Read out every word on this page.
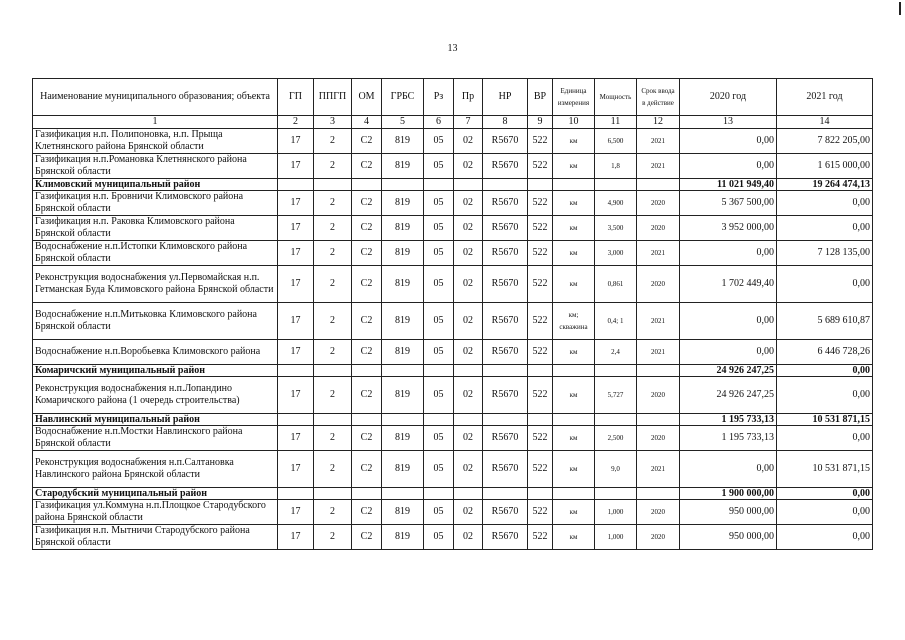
13
Наименование муниципального образования; объекта	ГП	ППГП	ОМ	ГРБС	Рз	Пр	НР	ВР	Единица измерения	Мощность	Срок ввода в действие	2020 год	2021 год
1	2	3	4	5	6	7	8	9	10	11	12	13	14
Газификация н.п. Полипоновка, н.п. Прыща Клетнянского района Брянской области	17	2	С2	819	05	02	R5670	522	км	6,500	2021	0,00	7 822 205,00
Газификация н.п.Романовка Клетнянского района Брянской области	17	2	С2	819	05	02	R5670	522	км	1,8	2021	0,00	1 615 000,00
Климовский муниципальный район												11 021 949,40	19 264 474,13
Газификация н.п. Бровничи Климовского района Брянской области	17	2	С2	819	05	02	R5670	522	км	4,900	2020	5 367 500,00	0,00
Газификация н.п. Раковка Климовского района Брянской области	17	2	С2	819	05	02	R5670	522	км	3,500	2020	3 952 000,00	0,00
Водоснабжение н.п.Истопки Климовского района Брянской области	17	2	С2	819	05	02	R5670	522	км	3,000	2021	0,00	7 128 135,00
Реконструкция водоснабжения ул.Первомайская н.п. Гетманская Буда Климовского района Брянской области	17	2	С2	819	05	02	R5670	522	км	0,861	2020	1 702 449,40	0,00
Водоснабжение н.п.Митьковка Климовского района Брянской области	17	2	С2	819	05	02	R5670	522	км; скважина	0,4; 1	2021	0,00	5 689 610,87
Водоснабжение н.п.Воробьевка Климовского района	17	2	С2	819	05	02	R5670	522	км	2,4	2021	0,00	6 446 728,26
Комаричский муниципальный район												24 926 247,25	0,00
Реконструкция водоснабжения н.п.Лопандино Комаричского района (1 очередь строительства)	17	2	С2	819	05	02	R5670	522	км	5,727	2020	24 926 247,25	0,00
Навлинский муниципальный район												1 195 733,13	10 531 871,15
Водоснабжение н.п.Мостки Навлинского района Брянской области	17	2	С2	819	05	02	R5670	522	км	2,500	2020	1 195 733,13	0,00
Реконструкция водоснабжения н.п.Салтановка Навлинского района Брянской области	17	2	С2	819	05	02	R5670	522	км	9,0	2021	0,00	10 531 871,15
Стародубский муниципальный район												1 900 000,00	0,00
Газификация ул.Коммуна н.п.Площкое Стародубского района Брянской области	17	2	С2	819	05	02	R5670	522	км	1,000	2020	950 000,00	0,00
Газификация н.п. Мытничи Стародубского района Брянской области	17	2	С2	819	05	02	R5670	522	км	1,000	2020	950 000,00	0,00
